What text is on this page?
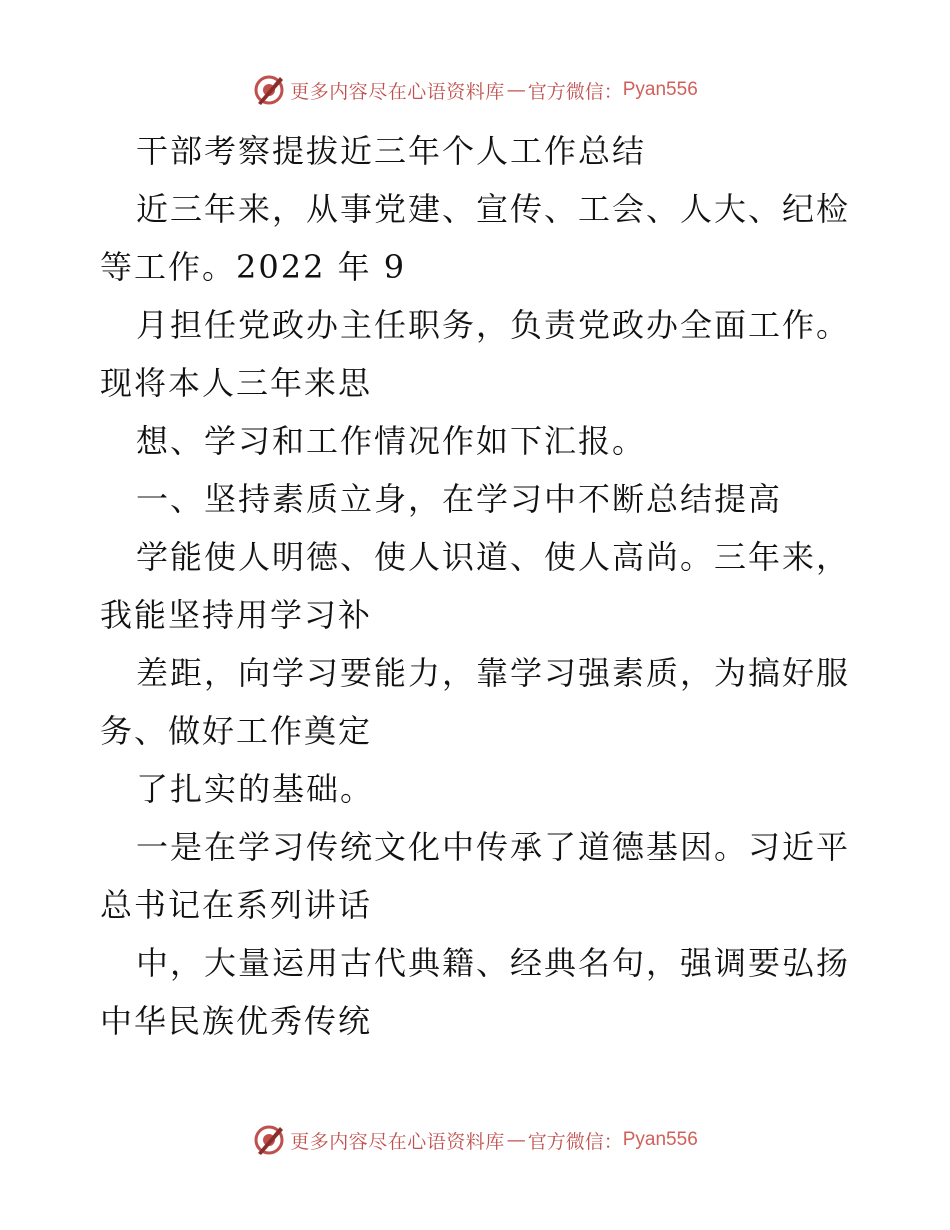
更多内容尽在心语资料库 — 官方微信： Pyan556
干部考察提拔近三年个人工作总结
近三年来，从事党建、宣传、工会、人大、纪检
等工作。2022 年 9
月担任党政办主任职务，负责党政办全面工作。
现将本人三年来思
想、学习和工作情况作如下汇报。
一、坚持素质立身，在学习中不断总结提高
学能使人明德、使人识道、使人高尚。三年来，
我能坚持用学习补
差距，向学习要能力，靠学习强素质，为搞好服
务、做好工作奠定
了扎实的基础。
一是在学习传统文化中传承了道德基因。习近平
总书记在系列讲话
中，大量运用古代典籍、经典名句，强调要弘扬
中华民族优秀传统
更多内容尽在心语资料库 — 官方微信： Pyan556
